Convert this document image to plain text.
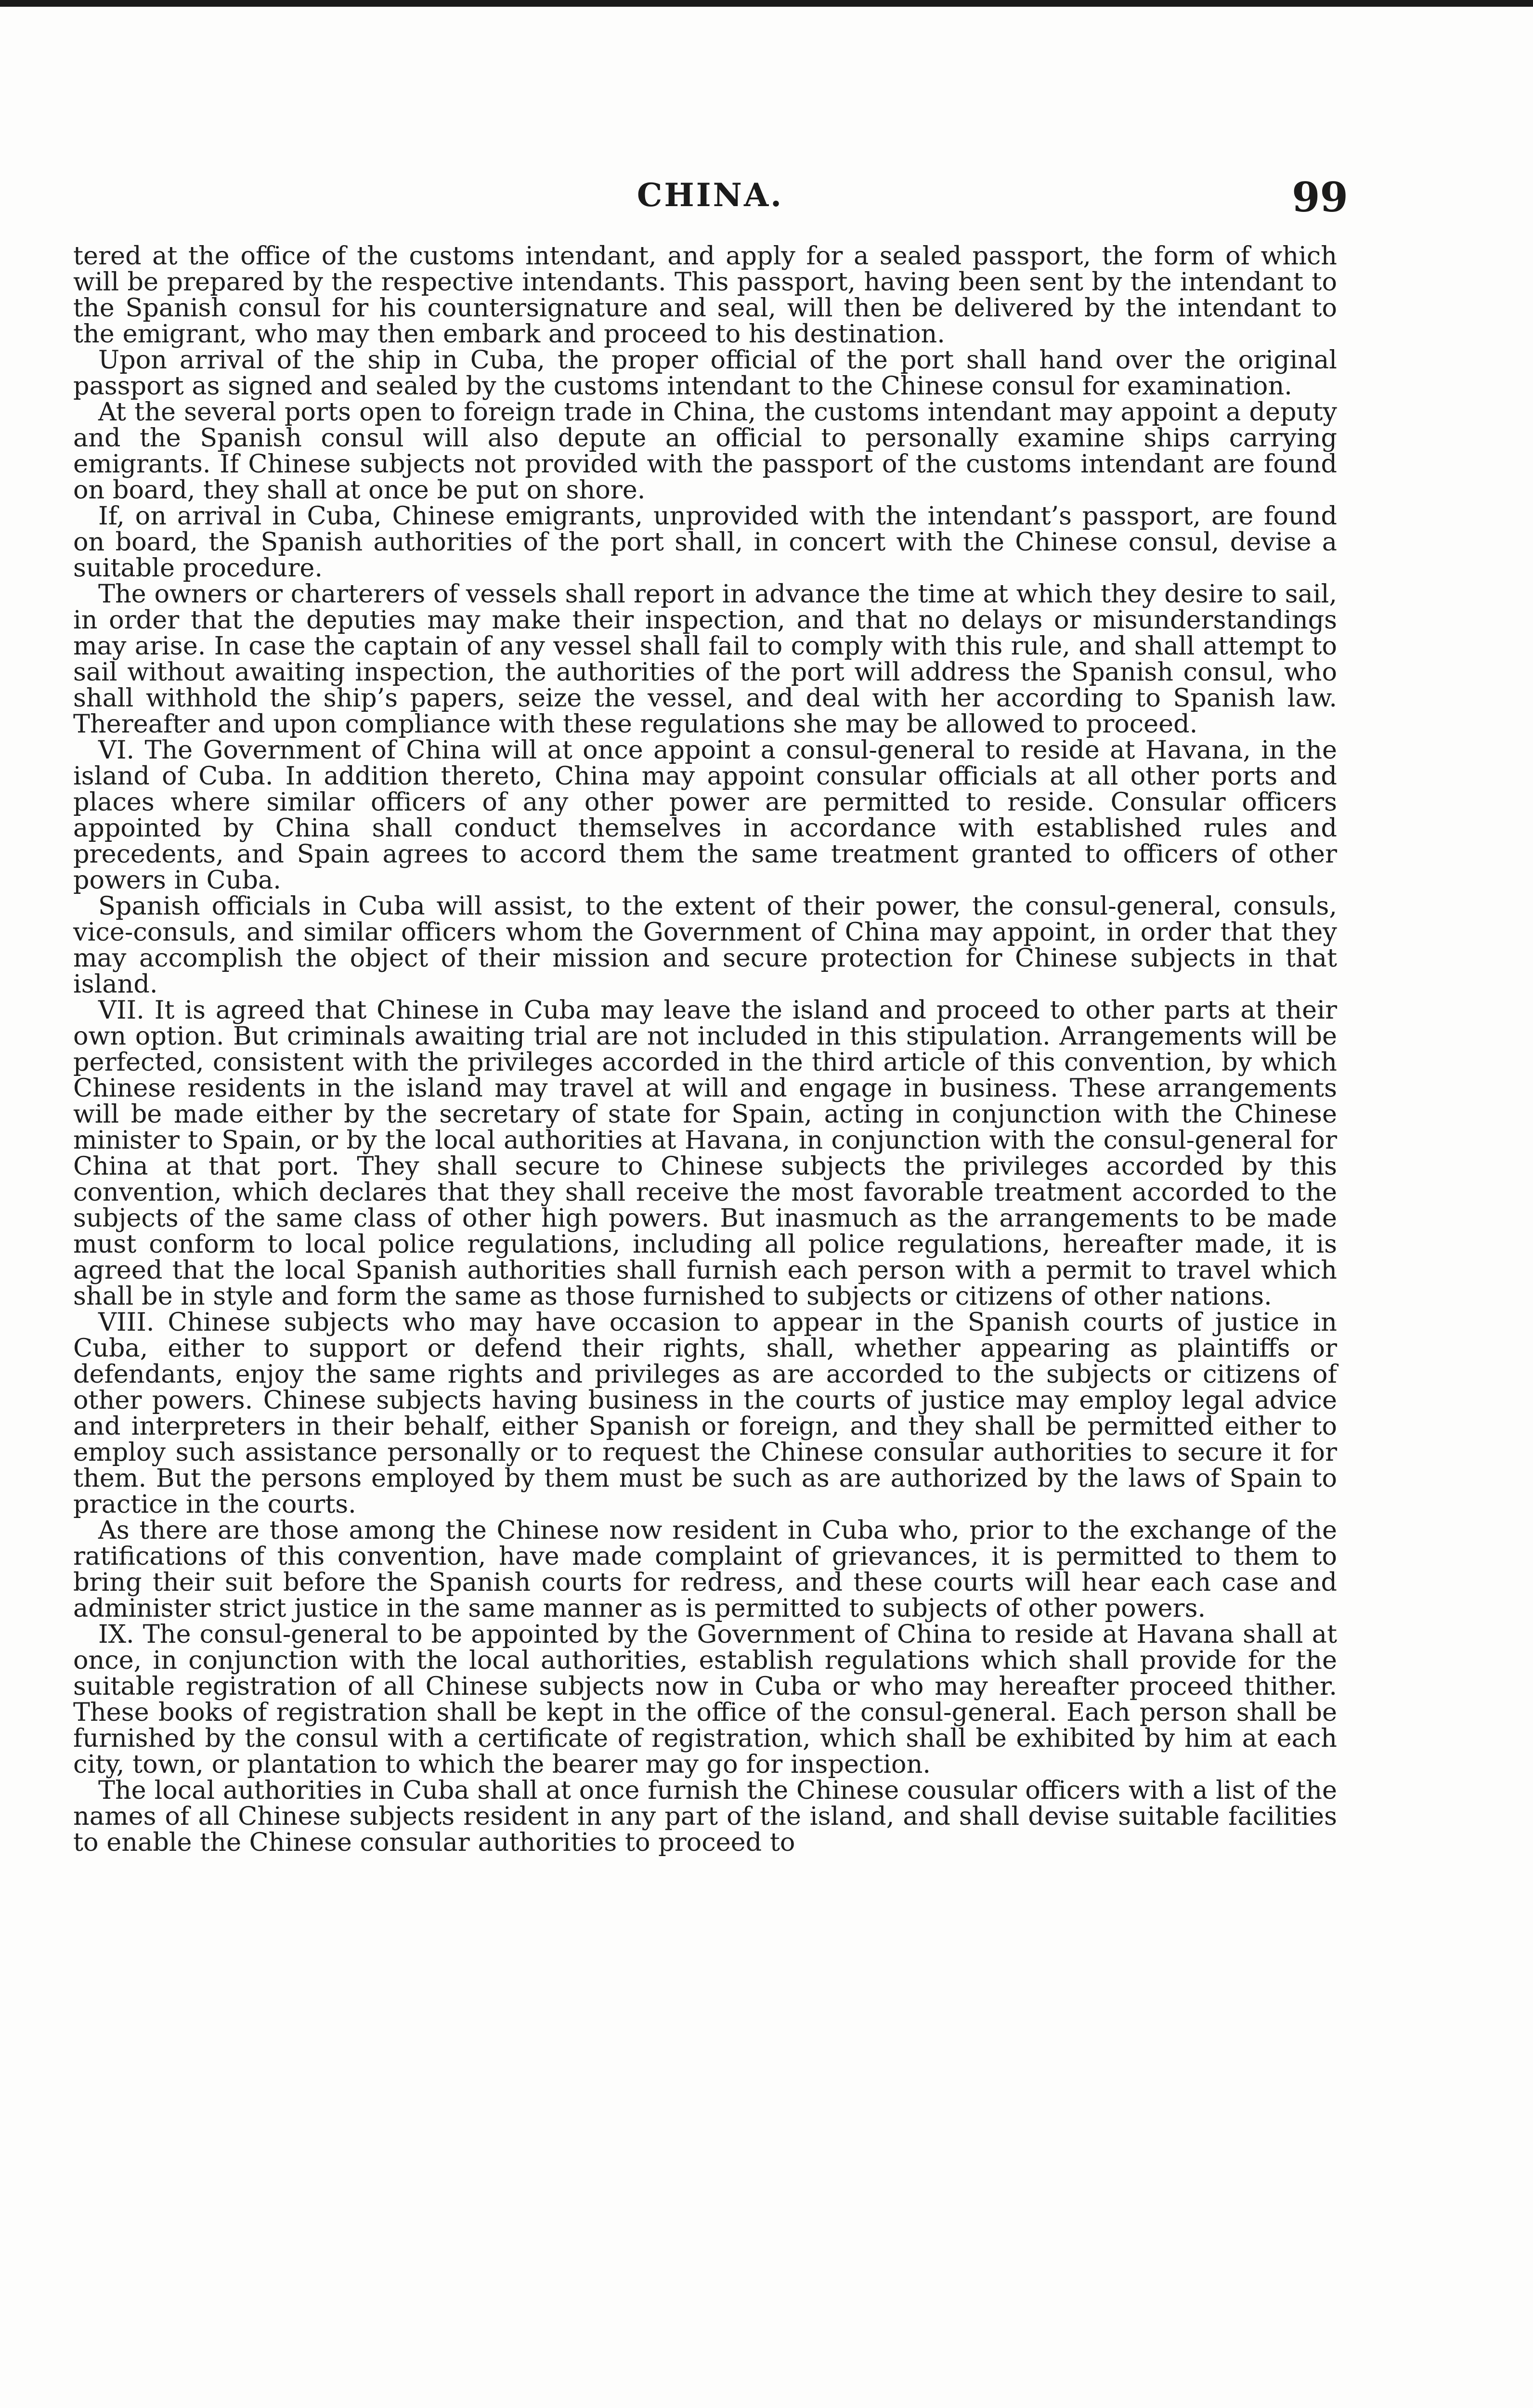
CHINA.	99

tered at the office of the customs intendant, and apply for a sealed passport, the form of which will be prepared by the respective intendants. This passport, having been sent by the intendant to the Spanish consul for his countersignature and seal, will then be delivered by the intendant to the emigrant, who may then embark and proceed to his destination.

Upon arrival of the ship in Cuba, the proper official of the port shall hand over the original passport as signed and sealed by the customs intendant to the Chinese consul for examination.

At the several ports open to foreign trade in China, the customs intendant may appoint a deputy and the Spanish consul will also depute an official to personally examine ships carrying emigrants. If Chinese subjects not provided with the passport of the customs intendant are found on board, they shall at once be put on shore.

If, on arrival in Cuba, Chinese emigrants, unprovided with the intendant’s passport, are found on board, the Spanish authorities of the port shall, in concert with the Chinese consul, devise a suitable procedure.

The owners or charterers of vessels shall report in advance the time at which they desire to sail, in order that the deputies may make their inspection, and that no delays or misunderstandings may arise. In case the captain of any vessel shall fail to comply with this rule, and shall attempt to sail without awaiting inspection, the authorities of the port will address the Spanish consul, who shall withhold the ship’s papers, seize the vessel, and deal with her according to Spanish law. Thereafter and upon compliance with these regulations she may be allowed to proceed.

VI. The Government of China will at once appoint a consul-general to reside at Havana, in the island of Cuba. In addition thereto, China may appoint consular officials at all other ports and places where similar officers of any other power are permitted to reside. Consular officers appointed by China shall conduct themselves in accordance with established rules and precedents, and Spain agrees to accord them the same treatment granted to officers of other powers in Cuba.

Spanish officials in Cuba will assist, to the extent of their power, the consul-general, consuls, vice-consuls, and similar officers whom the Government of China may appoint, in order that they may accomplish the object of their mission and secure protection for Chinese subjects in that island.

VII. It is agreed that Chinese in Cuba may leave the island and proceed to other parts at their own option. But criminals awaiting trial are not included in this stipulation. Arrangements will be perfected, consistent with the privileges accorded in the third article of this convention, by which Chinese residents in the island may travel at will and engage in business. These arrangements will be made either by the secretary of state for Spain, acting in conjunction with the Chinese minister to Spain, or by the local authorities at Havana, in conjunction with the consul-general for China at that port. They shall secure to Chinese subjects the privileges accorded by this convention, which declares that they shall receive the most favorable treatment accorded to the subjects of the same class of other high powers. But inasmuch as the arrangements to be made must conform to local police regulations, including all police regulations, hereafter made, it is agreed that the local Spanish authorities shall furnish each person with a permit to travel which shall be in style and form the same as those furnished to subjects or citizens of other nations.

VIII. Chinese subjects who may have occasion to appear in the Spanish courts of justice in Cuba, either to support or defend their rights, shall, whether appearing as plaintiffs or defendants, enjoy the same rights and privileges as are accorded to the subjects or citizens of other powers. Chinese subjects having business in the courts of justice may employ legal advice and interpreters in their behalf, either Spanish or foreign, and they shall be permitted either to employ such assistance personally or to request the Chinese consular authorities to secure it for them. But the persons employed by them must be such as are authorized by the laws of Spain to practice in the courts.

As there are those among the Chinese now resident in Cuba who, prior to the exchange of the ratifications of this convention, have made complaint of grievances, it is permitted to them to bring their suit before the Spanish courts for redress, and these courts will hear each case and administer strict justice in the same manner as is permitted to subjects of other powers.

IX. The consul-general to be appointed by the Government of China to reside at Havana shall at once, in conjunction with the local authorities, establish regulations which shall provide for the suitable registration of all Chinese subjects now in Cuba or who may hereafter proceed thither. These books of registration shall be kept in the office of the consul-general. Each person shall be furnished by the consul with a certificate of registration, which shall be exhibited by him at each city, town, or plantation to which the bearer may go for inspection.

The local authorities in Cuba shall at once furnish the Chinese cousular officers with a list of the names of all Chinese subjects resident in any part of the island, and shall devise suitable facilities to enable the Chinese consular authorities to proceed to
